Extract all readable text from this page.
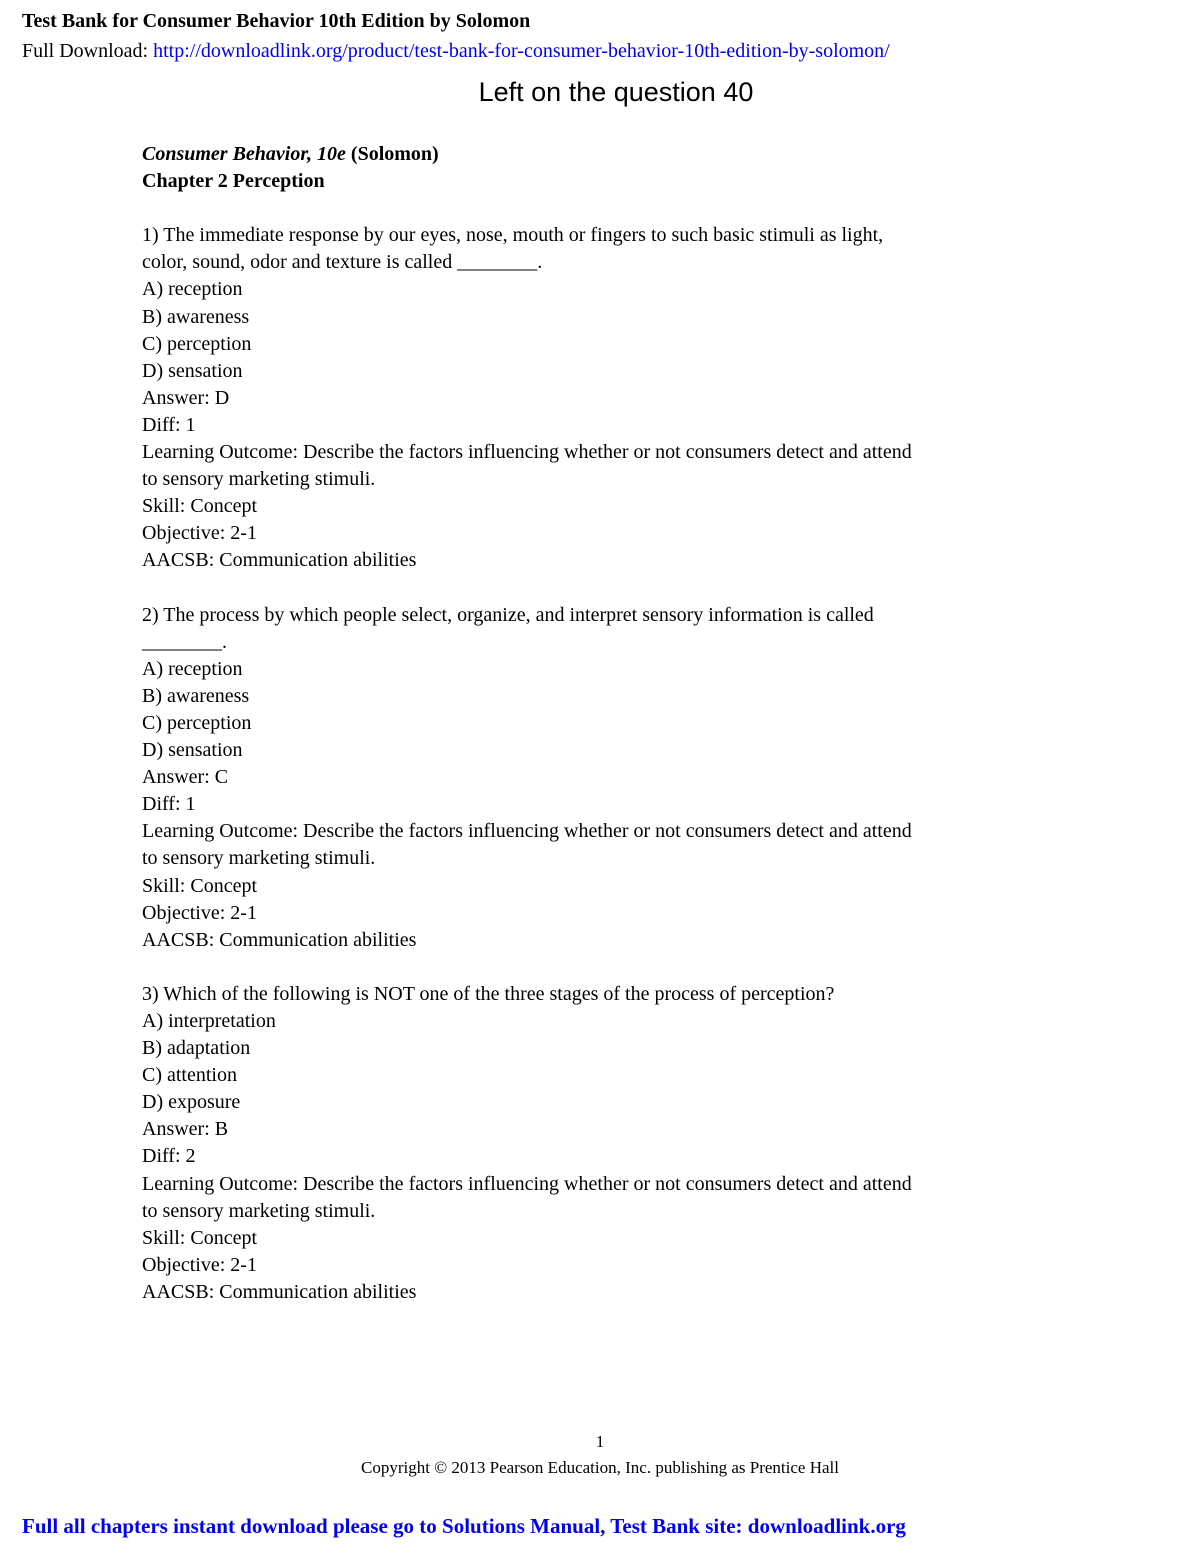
Test Bank for Consumer Behavior 10th Edition by Solomon
Full Download: http://downloadlink.org/product/test-bank-for-consumer-behavior-10th-edition-by-solomon/
Left on the question 40
Consumer Behavior, 10e (Solomon)
Chapter 2 Perception
1) The immediate response by our eyes, nose, mouth or fingers to such basic stimuli as light,
color, sound, odor and texture is called ________.
A) reception
B) awareness
C) perception
D) sensation
Answer: D
Diff: 1
Learning Outcome: Describe the factors influencing whether or not consumers detect and attend
to sensory marketing stimuli.
Skill: Concept
Objective: 2-1
AACSB: Communication abilities
2) The process by which people select, organize, and interpret sensory information is called
________.
A) reception
B) awareness
C) perception
D) sensation
Answer: C
Diff: 1
Learning Outcome: Describe the factors influencing whether or not consumers detect and attend
to sensory marketing stimuli.
Skill: Concept
Objective: 2-1
AACSB: Communication abilities
3) Which of the following is NOT one of the three stages of the process of perception?
A) interpretation
B) adaptation
C) attention
D) exposure
Answer: B
Diff: 2
Learning Outcome: Describe the factors influencing whether or not consumers detect and attend
to sensory marketing stimuli.
Skill: Concept
Objective: 2-1
AACSB: Communication abilities
1
Copyright © 2013 Pearson Education, Inc. publishing as Prentice Hall
Full all chapters instant download please go to Solutions Manual, Test Bank site: downloadlink.org
